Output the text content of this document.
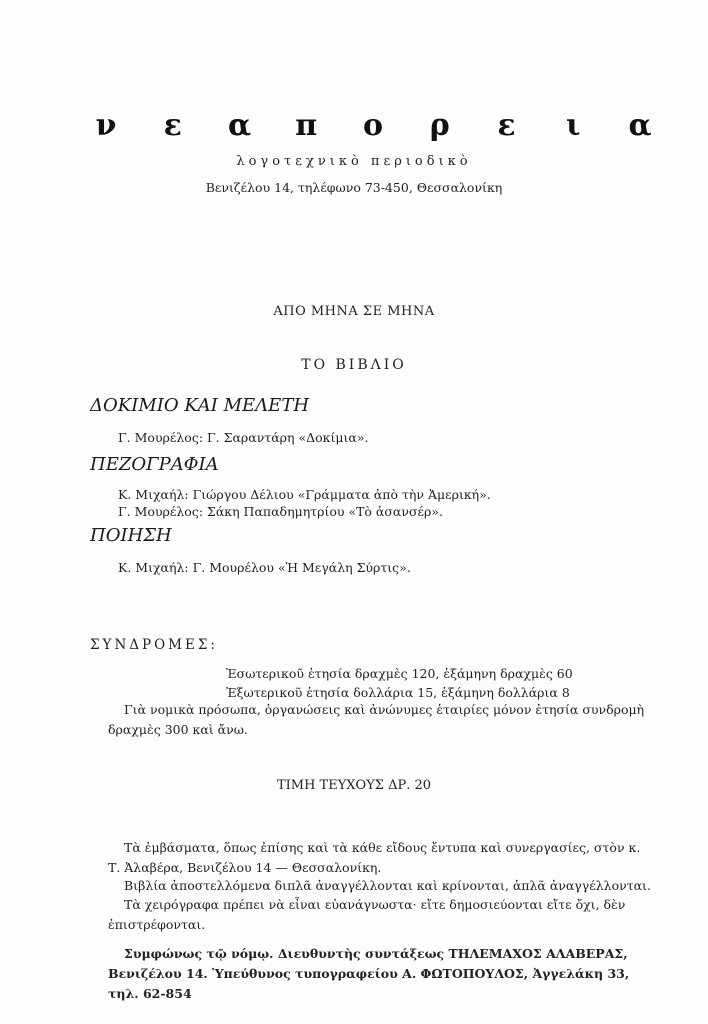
ν ε α π ο ρ ε	ι	α
λογοτεχνικὸ περιοδικὸ
Βενιζέλου 14, τηλέφωνο 73-450, Θεσσαλονίκη
ΑΠΟ ΜΗΝΑ ΣΕ ΜΗΝΑ
ΤΟ ΒΙΒΛΙΟ
ΔΟΚΙΜΙΟ ΚΑΙ ΜΕΛΕΤΗ
Γ. Μουρέλος: Γ. Σαραντάρη «Δοκίμια».
ΠΕΖΟΓΡΑΦΙΑ
Κ. Μιχαήλ: Γιώργου Δέλιου «Γράμματα ἀπὸ τὴν Ἀμερική».
Γ. Μουρέλος: Σάκη Παπαδημητρίου «Τὸ ἀσανσέρ».
ΠΟΙΗΣΗ
Κ. Μιχαήλ: Γ. Μουρέλου «Ἡ Μεγάλη Σύρτις».
ΣΥΝΔΡΟΜΕΣ:
Ἐσωτερικοῦ ἐτησία δραχμὲς 120, ἑξάμηνη δραχμὲς 60
Ἐξωτερικοῦ ἐτησία δολλάρια 15, ἑξάμηνη δολλάρια 8
Γιὰ νομικὰ πρόσωπα, ὀργανώσεις καὶ ἀνώνυμες ἑταιρίες μόνον ἐτησία συνδρομὴ δραχμὲς 300 καὶ ἄνω.
ΤΙΜΗ ΤΕΥΧΟΥΣ ΔΡ. 20
Τὰ ἐμβάσματα, ὅπως ἐπίσης καὶ τὰ κάθε εἴδους ἔντυπα καὶ συνεργασίες, στὸν κ. Τ. Ἀλαβέρα, Βενιζέλου 14 — Θεσσαλονίκη.
Βιβλία ἀποστελλόμενα διπλᾶ ἀναγγέλλονται καὶ κρίνονται, ἁπλᾶ ἀναγγέλλονται.
Τὰ χειρόγραφα πρέπει νὰ εἶναι εὐανάγνωστα· εἴτε δημοσιεύονται εἴτε ὄχι, δὲν ἐπιστρέφονται.
Συμφώνως τῷ νόμῳ. Διευθυντὴς συντάξεως ΤΗΛΕΜΑΧΟΣ ΑΛΑΒΕΡΑΣ, Βενιζέλου 14. Ὑπεύθυνος τυπογραφείου Α. ΦΩΤΟΠΟΥΛΟΣ, Ἀγγελάκη 33, τηλ. 62-854
